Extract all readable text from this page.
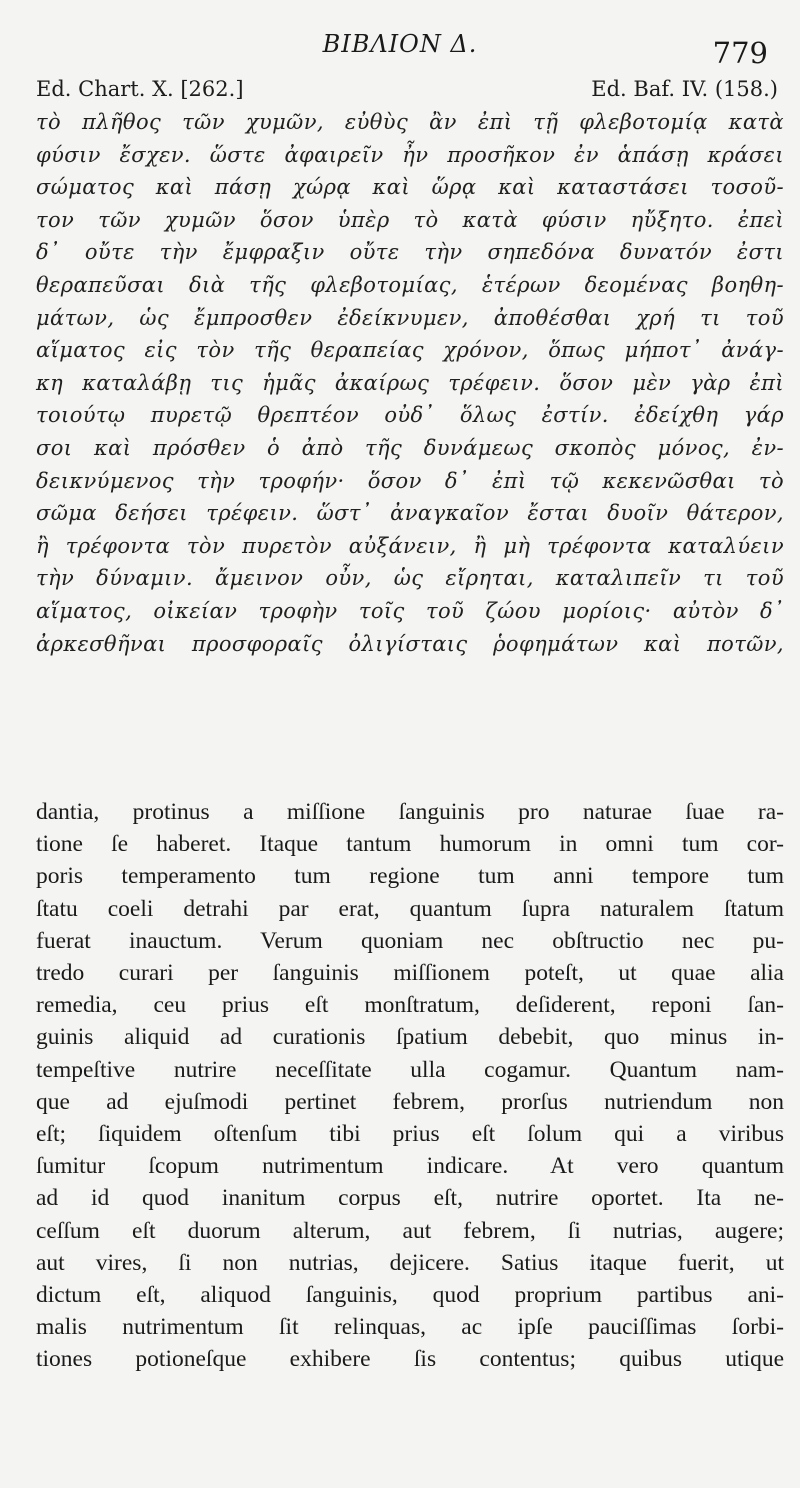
ΒΙΒΛΙΟΝ Δ.	779
Ed. Chart. X. [262.]	Ed. Baf. IV. (158.)
τὸ πλῆθος τῶν χυμῶν, εὐθὺς ἂν ἐπὶ τῇ φλεβοτομίᾳ κατὰ
φύσιν ἔσχεν. ὥστε ἀφαιρεῖν ἦν προσῆκον ἐν ἁπάσῃ κράσει
σώματος καὶ πάσῃ χώρᾳ καὶ ὥρᾳ καὶ καταστάσει τοσοῦ-
τον τῶν χυμῶν ὅσον ὑπὲρ τὸ κατὰ φύσιν ηὔξητο. ἐπεὶ
δ᾽ οὔτε τὴν ἔμφραξιν οὔτε τὴν σηπεδόνα δυνατόν ἐστι
θεραπεῦσαι διὰ τῆς φλεβοτομίας, ἑτέρων δεομένας βοηθη-
μάτων, ὡς ἔμπροσθεν ἐδείκνυμεν, ἀποθέσθαι χρή τι τοῦ
αἵματος εἰς τὸν τῆς θεραπείας χρόνον, ὅπως μήποτ᾽ ἀνάγ-
κη καταλάβῃ τις ἡμᾶς ἀκαίρως τρέφειν. ὅσον μὲν γὰρ ἐπὶ
τοιούτῳ πυρετῷ θρεπτέον οὐδ᾽ ὅλως ἐστίν. ἐδείχθη γάρ
σοι καὶ πρόσθεν ὁ ἀπὸ τῆς δυνάμεως σκοπὸς μόνος, ἐν-
δεικνύμενος τὴν τροφήν· ὅσον δ᾽ ἐπὶ τῷ κεκενῶσθαι τὸ
σῶμα δεήσει τρέφειν. ὥστ᾽ ἀναγκαῖον ἔσται δυοῖν θάτερον,
ἢ τρέφοντα τὸν πυρετὸν αὐξάνειν, ἢ μὴ τρέφοντα καταλύειν
τὴν δύναμιν. ἄμεινον οὖν, ὡς εἴρηται, καταλιπεῖν τι τοῦ
αἵματος, οἰκείαν τροφὴν τοῖς τοῦ ζώου μορίοις· αὐτὸν δ᾽
ἀρκεσθῆναι προσφοραῖς ὀλιγίσταις ῥοφημάτων καὶ ποτῶν,
dantia, protinus a miſſione ſanguinis pro naturae ſuae ra-
tione ſe haberet. Itaque tantum humorum in omni tum cor-
poris temperamento tum regione tum anni tempore tum
ſtatu coeli detrahi par erat, quantum ſupra naturalem ſtatum
fuerat inauctum. Verum quoniam nec obſtructio nec pu-
tredo curari per ſanguinis miſſionem poteſt, ut quae alia
remedia, ceu prius eſt monſtratum, deſiderent, reponi ſan-
guinis aliquid ad curationis ſpatium debebit, quo minus in-
tempeſtive nutrire neceſſitate ulla cogamur. Quantum nam-
que ad ejuſmodi pertinet febrem, prorſus nutriendum non
eſt; ſiquidem oſtenſum tibi prius eſt ſolum qui a viribus
ſumitur ſcopum nutrimentum indicare. At vero quantum
ad id quod inanitum corpus eſt, nutrire oportet. Ita ne-
ceſſum eſt duorum alterum, aut febrem, ſi nutrias, augere;
aut vires, ſi non nutrias, dejicere. Satius itaque fuerit, ut
dictum eſt, aliquod ſanguinis, quod proprium partibus ani-
malis nutrimentum ſit relinquas, ac ipſe pauciſſimas ſorbi-
tiones potioneſque exhibere ſis contentus; quibus utique
